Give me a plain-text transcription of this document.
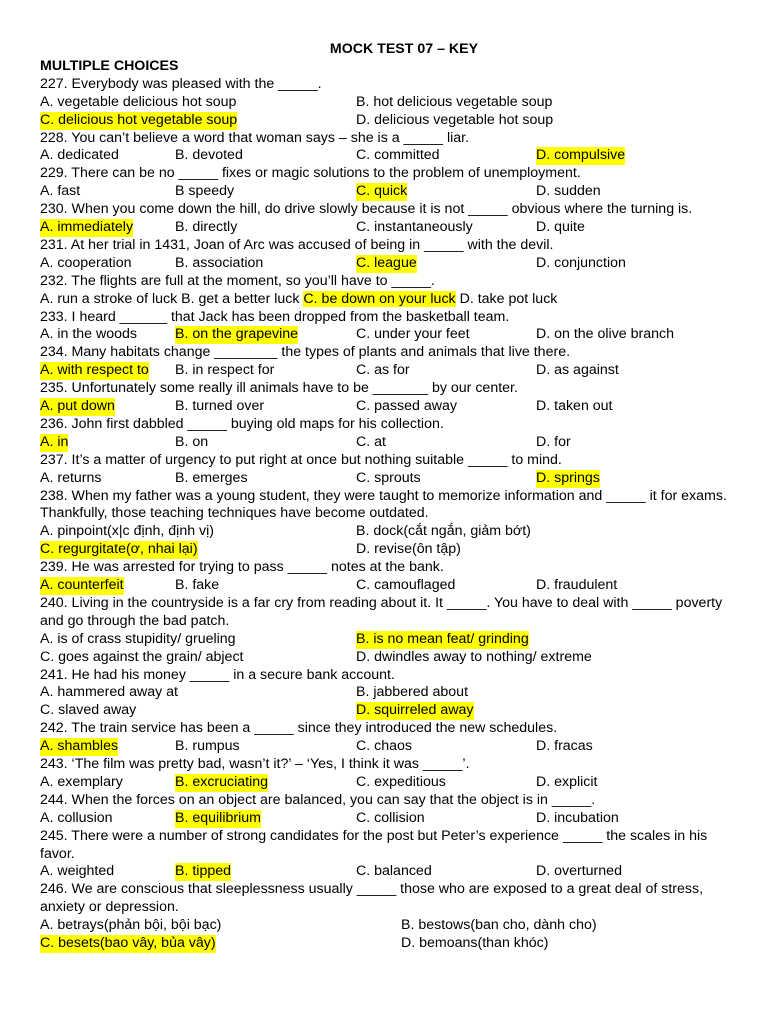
MOCK TEST 07 – KEY
MULTIPLE CHOICES
227. Everybody was pleased with the _____.
A. vegetable delicious hot soup	B. hot delicious vegetable soup
C. delicious hot vegetable soup	D. delicious vegetable hot soup
228. You can’t believe a word that woman says – she is a _____ liar.
A. dedicated	B. devoted	C. committed	D. compulsive
229. There can be no _____ fixes or magic solutions to the problem of unemployment.
A. fast	B speedy	C. quick	D. sudden
230. When you come down the hill, do drive slowly because it is not _____ obvious where the turning is.
A. immediately	B. directly	C. instantaneously	D. quite
231. At her trial in 1431, Joan of Arc was accused of being in _____ with the devil.
A. cooperation	B. association	C. league	D. conjunction
232. The flights are full at the moment, so you’ll have to _____.
A. run a stroke of luck B. get a better luck C. be down on your luck D. take pot luck
233. I heard ______ that Jack has been dropped from the basketball team.
A. in the woods	B. on the grapevine	C. under your feet	D. on the olive branch
234. Many habitats change ________ the types of plants and animals that live there.
A. with respect to B. in respect for	C. as for	D. as against
235. Unfortunately some really ill animals have to be _______ by our center.
A. put down	B. turned over	C. passed away	D. taken out
236. John first dabbled _____ buying old maps for his collection.
A. in	B. on	C. at	D. for
237. It’s a matter of urgency to put right at once but nothing suitable _____ to mind.
A. returns	B. emerges	C. sprouts	D. springs
238. When my father was a young student, they were taught to memorize information and _____ it for exams. Thankfully, those teaching techniques have become outdated.
A. pinpoint(x|c định, định vị)	B. dock(cắt ngắn, giảm bớt)
C. regurgitate(ơ, nhai lại)	D. revise(ôn tập)
239. He was arrested for trying to pass _____ notes at the bank.
A. counterfeit	B. fake	C. camouflaged	D. fraudulent
240. Living in the countryside is a far cry from reading about it. It _____. You have to deal with _____ poverty and go through the bad patch.
A. is of crass stupidity/ grueling	B. is no mean feat/ grinding
C. goes against the grain/ abject	D. dwindles away to nothing/ extreme
241. He had his money _____ in a secure bank account.
A. hammered away at	B. jabbered about
C. slaved away	D. squirreled away
242. The train service has been a _____ since they introduced the new schedules.
A. shambles	B. rumpus	C. chaos	D. fracas
243. ‘The film was pretty bad, wasn’t it?’ – ‘Yes, I think it was _____’.
A. exemplary	B. excruciating	C. expeditious	D. explicit
244. When the forces on an object are balanced, you can say that the object is in _____.
A. collusion	B. equilibrium	C. collision	D. incubation
245. There were a number of strong candidates for the post but Peter’s experience _____ the scales in his favor.
A. weighted	B. tipped	C. balanced	D. overturned
246. We are conscious that sleeplessness usually _____ those who are exposed to a great deal of stress, anxiety or depression.
A. betrays(phản bội, bội bạc)	B. bestows(ban cho, dành cho)
C. besets(bao vây, bủa vây)	D. bemoans(than khóc)
